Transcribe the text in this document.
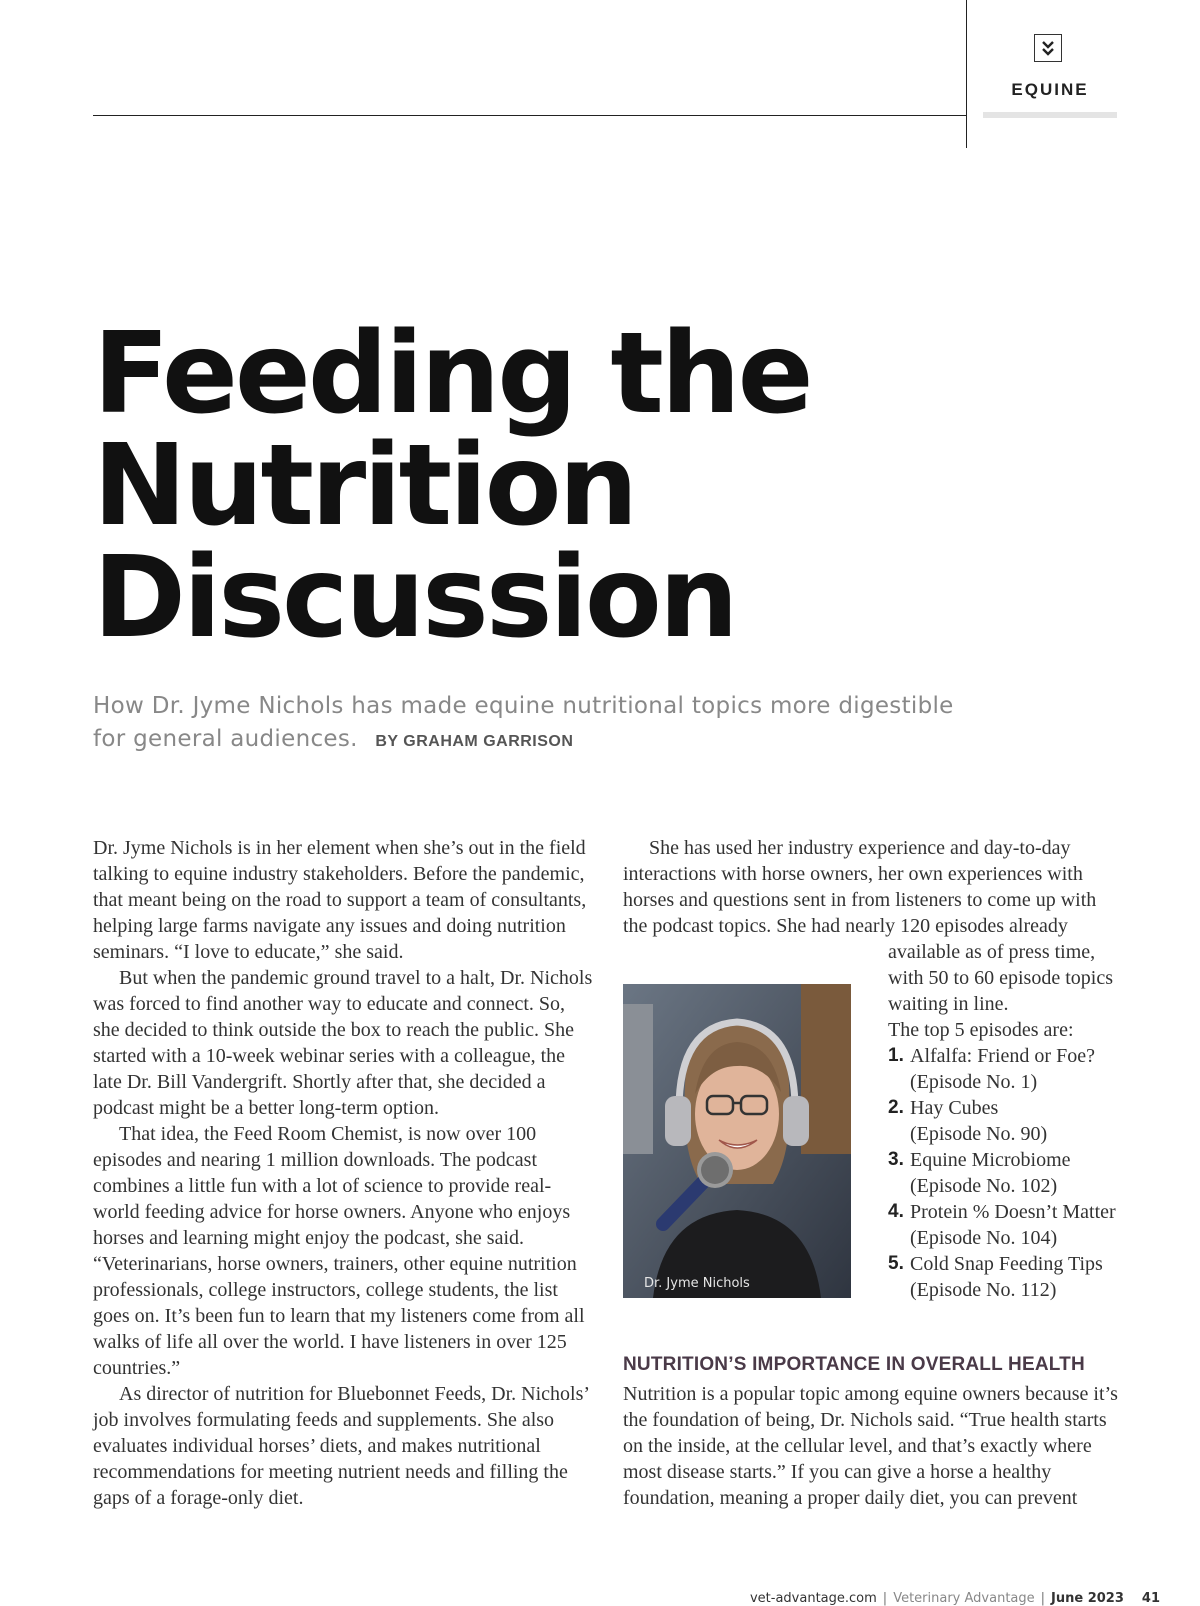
EQUINE
Feeding the
Nutrition
Discussion
How Dr. Jyme Nichols has made equine nutritional topics more digestible for general audiences. BY GRAHAM GARRISON

Dr. Jyme Nichols is in her element when she’s out in the field talking to equine industry stakeholders. Before the pandemic, that meant being on the road to support a team of consultants, helping large farms navigate any issues and doing nutrition seminars. “I love to educate,” she said.

But when the pandemic ground travel to a halt, Dr. Nichols was forced to find another way to educate and connect. So, she decided to think outside the box to reach the public. She started with a 10-week webinar series with a colleague, the late Dr. Bill Vandergrift. Shortly after that, she decided a podcast might be a better long-term option.

That idea, the Feed Room Chemist, is now over 100 episodes and nearing 1 million downloads. The podcast combines a little fun with a lot of science to provide real-world feeding advice for horse owners. Anyone who enjoys horses and learning might enjoy the podcast, she said. “Veterinarians, horse owners, trainers, other equine nutrition professionals, college instructors, college students, the list goes on. It’s been fun to learn that my listeners come from all walks of life all over the world. I have listeners in over 125 countries.”

As director of nutrition for Bluebonnet Feeds, Dr. Nichols’ job involves formulating feeds and supplements. She also evaluates individual horses’ diets, and makes nutritional recommendations for meeting nutrient needs and filling the gaps of a forage-only diet.

She has used her industry experience and day-to-day interactions with horse owners, her own experiences with horses and questions sent in from listeners to come up with the podcast topics. She had nearly 120 episodes already

Dr. Jyme Nichols

available as of press time, with 50 to 60 episode topics waiting in line.

The top 5 episodes are:

1. Alfalfa: Friend or Foe?
(Episode No. 1)
2. Hay Cubes
(Episode No. 90)
3. Equine Microbiome
(Episode No. 102)
4. Protein % Doesn’t Matter
(Episode No. 104)
5. Cold Snap Feeding Tips
(Episode No. 112)
NUTRITION’S IMPORTANCE IN OVERALL HEALTH

Nutrition is a popular topic among equine owners because it’s the foundation of being, Dr. Nichols said. “True health starts on the inside, at the cellular level, and that’s exactly where most disease starts.” If you can give a horse a healthy foundation, meaning a proper daily diet, you can prevent

vet-advantage.com | Veterinary Advantage | June 2023 41
